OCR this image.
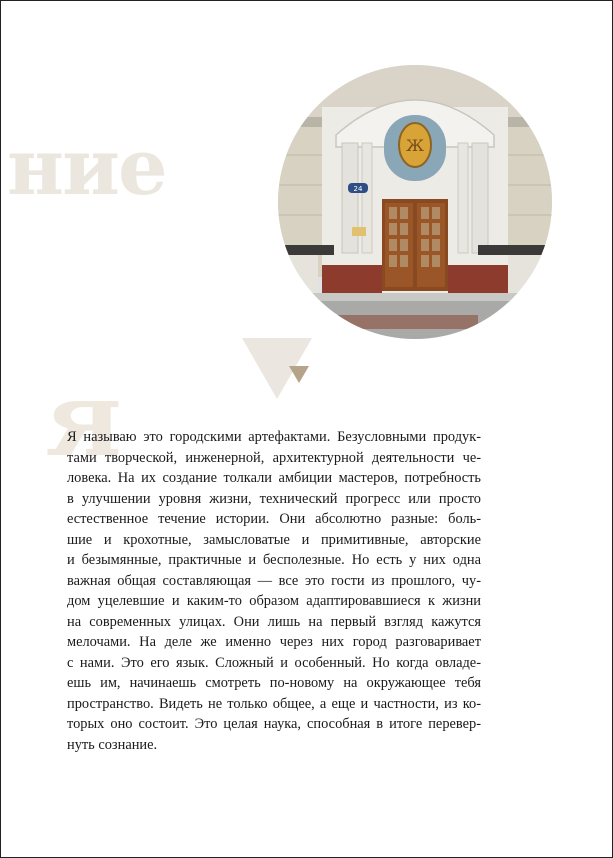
ние
я
Ж
24

Я называю это городскими артефактами. Безусловными продук-
тами творческой, инженерной, архитектурной деятельности че-
ловека. На их создание толкали амбиции мастеров, потребность
в улучшении уровня жизни, технический прогресс или просто
естественное течение истории. Они абсолютно разные: боль-
шие и крохотные, замысловатые и примитивные, авторские
и безымянные, практичные и бесполезные. Но есть у них одна
важная общая составляющая — все это гости из прошлого, чу-
дом уцелевшие и каким-то образом адаптировавшиеся к жизни
на современных улицах. Они лишь на первый взгляд кажутся
мелочами. На деле же именно через них город разговаривает
с нами. Это его язык. Сложный и особенный. Но когда овладе-
ешь им, начинаешь смотреть по-новому на окружающее тебя
пространство. Видеть не только общее, а еще и частности, из ко-
торых оно состоит. Это целая наука, способная в итоге перевер-
нуть сознание.
